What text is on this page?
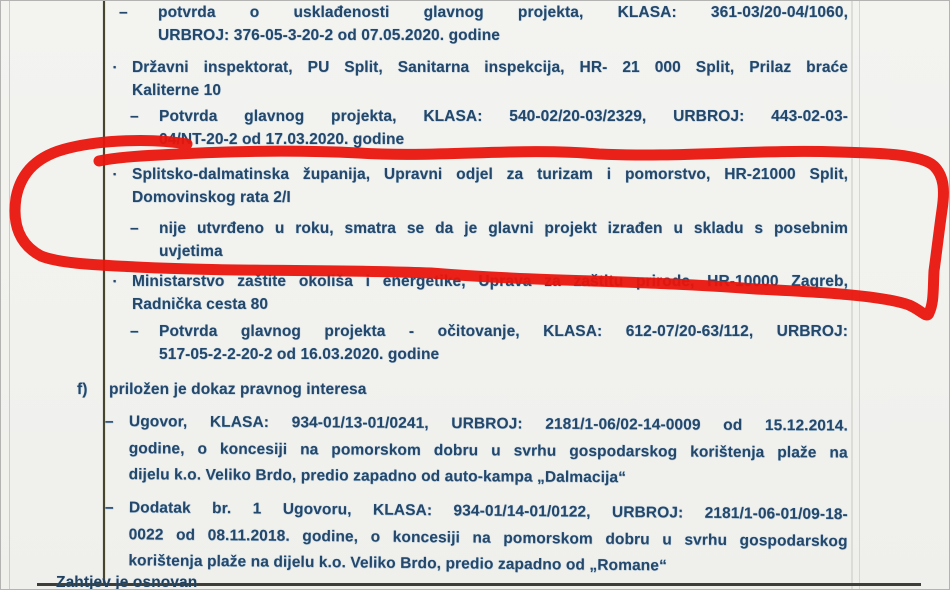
– potvrda o usklađenosti glavnog projekta, KLASA: 361-03/20-04/1060,
URBROJ: 376-05-3-20-2 od 07.05.2020. godine
▪ Državni inspektorat, PU Split, Sanitarna inspekcija, HR- 21 000 Split, Prilaz braće
Kaliterne 10
– Potvrda glavnog projekta, KLASA: 540-02/20-03/2329, URBROJ: 443-02-03-
04/NT-20-2 od 17.03.2020. godine
▪ Splitsko-dalmatinska županija, Upravni odjel za turizam i pomorstvo, HR-21000 Split,
Domovinskog rata 2/I
– nije utvrđeno u roku, smatra se da je glavni projekt izrađen u skladu s posebnim
uvjetima
▪ Ministarstvo zaštite okoliša i energetike, Uprava za zaštitu prirode, HR-10000 Zagreb,
Radnička cesta 80
– Potvrda glavnog projekta - očitovanje, KLASA: 612-07/20-63/112, URBROJ:
517-05-2-2-20-2 od 16.03.2020. godine
f) priložen je dokaz pravnog interesa
– Ugovor, KLASA: 934-01/13-01/0241, URBROJ: 2181/1-06/02-14-0009 od 15.12.2014.
godine, o koncesiji na pomorskom dobru u svrhu gospodarskog korištenja plaže na
dijelu k.o. Veliko Brdo, predio zapadno od auto-kampa „Dalmacija“
– Dodatak br. 1 Ugovoru, KLASA: 934-01/14-01/0122, URBROJ: 2181/1-06-01/09-18-
0022 od 08.11.2018. godine, o koncesiji na pomorskom dobru u svrhu gospodarskog
korištenja plaže na dijelu k.o. Veliko Brdo, predio zapadno od „Romane“
Zahtjev je osnovan
